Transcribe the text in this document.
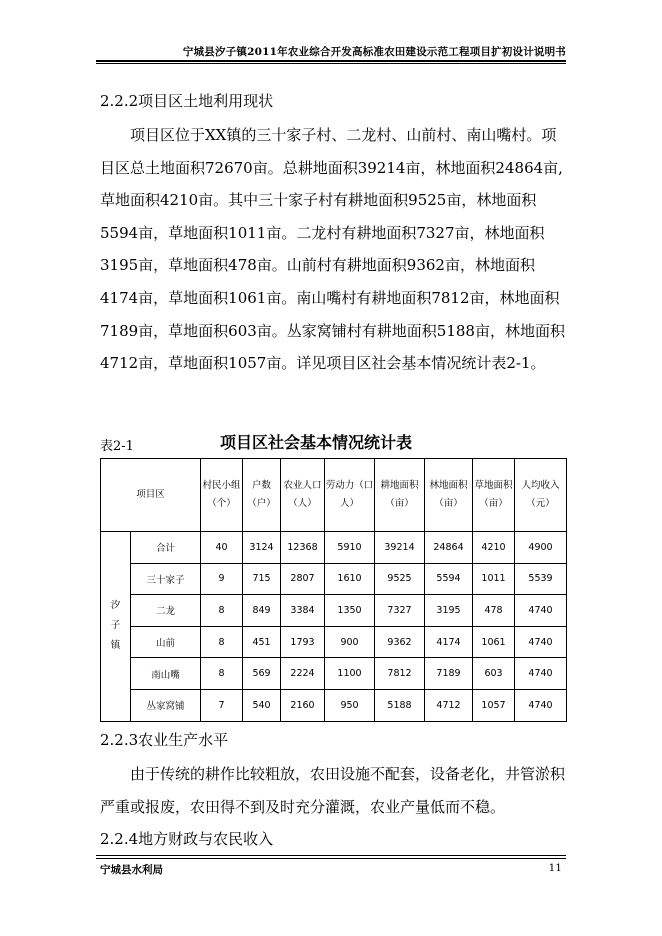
宁城县汐子镇2011年农业综合开发高标准农田建设示范工程项目扩初设计说明书
2.2.2项目区土地利用现状

项目区位于XX镇的三十家子村、二龙村、山前村、南山嘴村。项目区总土地面积72670亩。总耕地面积39214亩，林地面积24864亩,草地面积4210亩。其中三十家子村有耕地面积9525亩，林地面积5594亩，草地面积1011亩。二龙村有耕地面积7327亩，林地面积3195亩，草地面积478亩。山前村有耕地面积9362亩，林地面积4174亩，草地面积1061亩。南山嘴村有耕地面积7812亩，林地面积7189亩，草地面积603亩。丛家窝铺村有耕地面积5188亩，林地面积4712亩，草地面积1057亩。详见项目区社会基本情况统计表2-1。

表2-1	项目区社会基本情况统计表
项目区		村民小组（个）	户数（户）	农业人口（人）	劳动力（口人）	耕地面积（亩）	林地面积（亩）	草地面积（亩）	人均收入（元）
汐
子
镇	合计	40	3124	12368	5910	39214	24864	4210	4900
	三十家子	9	715	2807	1610	9525	5594	1011	5539
	二龙	8	849	3384	1350	7327	3195	478	4740
	山前	8	451	1793	900	9362	4174	1061	4740
	南山嘴	8	569	2224	1100	7812	7189	603	4740
	丛家窝铺	7	540	2160	950	5188	4712	1057	4740
2.2.3农业生产水平

由于传统的耕作比较粗放，农田设施不配套，设备老化，井管淤积严重或报废，农田得不到及时充分灌溉，农业产量低而不稳。

2.2.4地方财政与农民收入
宁城县水利局	11
